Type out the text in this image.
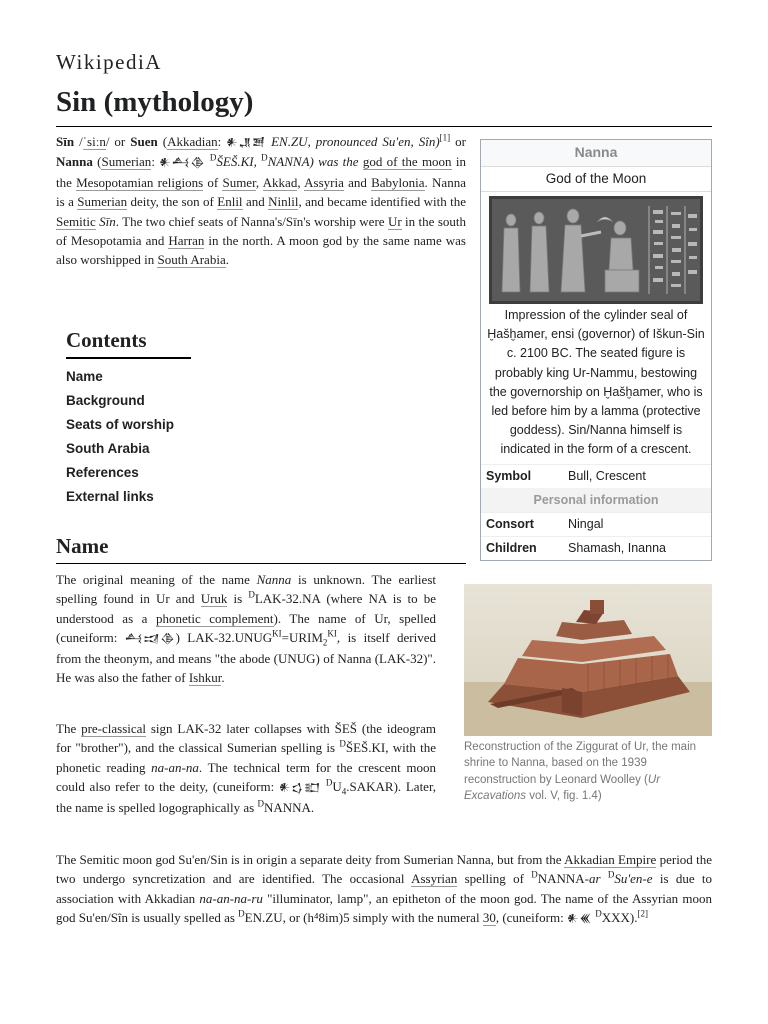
WikipediA
Sin (mythology)

Sīn /ˈsiːn/ or Suen (Akkadian: 𒀭𒂗𒍪 EN.ZU, pronounced Su'en, Sîn)[1] or Nanna (Sumerian: 𒀭𒋀𒆠 $^D$ŠEŠ.KI, $^D$NANNA) was the god of the moon in the Mesopotamian religions of Sumer, Akkad, Assyria and Babylonia. Nanna is a Sumerian deity, the son of Enlil and Ninlil, and became identified with the Semitic Sīn. The two chief seats of Nanna's/Sīn's worship were Ur in the south of Mesopotamia and Harran in the north. A moon god by the same name was also worshipped in South Arabia.

Contents
Name
Background
Seats of worship
South Arabia
References
External links
Nanna
God of the Moon
Impression of the cylinder seal of Ḫašḫamer, ensi (governor) of Iškun-Sin c. 2100 BC. The seated figure is probably king Ur-Nammu, bestowing the governorship on Ḫašḫamer, who is led before him by a lamma (protective goddess). Sin/Nanna himself is indicated in the form of a crescent.
Symbol	Bull, Crescent
Personal information
Consort	Ningal
Children	Shamash, Inanna
Name

The original meaning of the name Nanna is unknown. The earliest spelling found in Ur and Uruk is $^D$LAK-32.NA (where NA is to be understood as a phonetic complement). The name of Ur, spelled (cuneiform: 𒋀𒀕𒆠) LAK-$32.UNUG^{KI}=URIM_2^{KI}$, is itself derived from the theonym, and means "the abode (UNUG) of Nanna (LAK-32)". He was also the father of Ishkur.

The pre-classical sign LAK-32 later collapses with ŠEŠ (the ideogram for "brother"), and the classical Sumerian spelling is $^D$ŠEŠ.KI, with the phonetic reading na-an-na. The technical term for the crescent moon could also refer to the deity, (cuneiform: 𒀭𒌓𒊬 $^DU_4.SAKAR$). Later, the name is spelled logographically as $^D$NANNA.

Reconstruction of the Ziggurat of Ur, the main shrine to Nanna, based on the 1939 reconstruction by Leonard Woolley (Ur Excavations vol. V, fig. 1.4)

The Semitic moon god Su'en/Sin is in origin a separate deity from Sumerian Nanna, but from the Akkadian Empire period the two undergo syncretization and are identified. The occasional Assyrian spelling of $^D$NANNA-ar $^D$Su'en-e is due to association with Akkadian na-an-na-ru "illuminator, lamp", an epitheton of the moon god. The name of the Assyrian moon god Su'en/Sîn is usually spelled as $^D$EN.ZU, or (h⁴8im)5 simply with the numeral 30, (cuneiform: 𒀭𒌍 $^D$XXX).[2]
